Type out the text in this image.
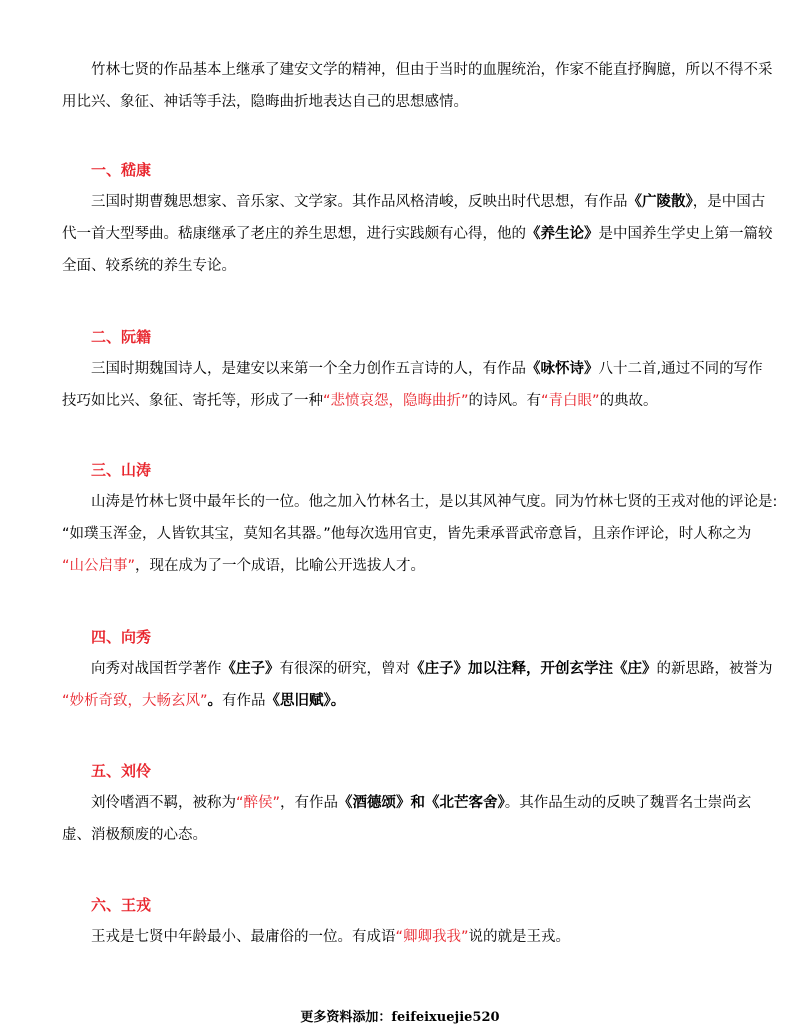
竹林七贤的作品基本上继承了建安文学的精神，但由于当时的血腥统治，作家不能直抒胸臆，所以不得不采
用比兴、象征、神话等手法，隐晦曲折地表达自己的思想感情。

一、嵇康

三国时期曹魏思想家、音乐家、文学家。其作品风格清峻，反映出时代思想，有作品《广陵散》，是中国古
代一首大型琴曲。嵇康继承了老庄的养生思想，进行实践颇有心得，他的《养生论》是中国养生学史上第一篇较
全面、较系统的养生专论。

二、阮籍

三国时期魏国诗人，是建安以来第一个全力创作五言诗的人，有作品《咏怀诗》八十二首,通过不同的写作
技巧如比兴、象征、寄托等，形成了一种“悲愤哀怨，隐晦曲折”的诗风。有“青白眼”的典故。

三、山涛

山涛是竹林七贤中最年长的一位。他之加入竹林名士，是以其风神气度。同为竹林七贤的王戎对他的评论是:
“如璞玉浑金，人皆钦其宝，莫知名其器。”他每次选用官吏，皆先秉承晋武帝意旨，且亲作评论，时人称之为
“山公启事”，现在成为了一个成语，比喻公开选拔人才。

四、向秀

向秀对战国哲学著作《庄子》有很深的研究，曾对《庄子》加以注释，开创玄学注《庄》的新思路，被誉为
“妙析奇致，大畅玄风”。有作品《思旧赋》。

五、刘伶

刘伶嗜酒不羁，被称为“醉侯”，有作品《酒德颂》和《北芒客舍》。其作品生动的反映了魏晋名士崇尚玄
虚、消极颓废的心态。

六、王戎

王戎是七贤中年龄最小、最庸俗的一位。有成语“卿卿我我”说的就是王戎。

更多资料添加：feifeixuejie520
